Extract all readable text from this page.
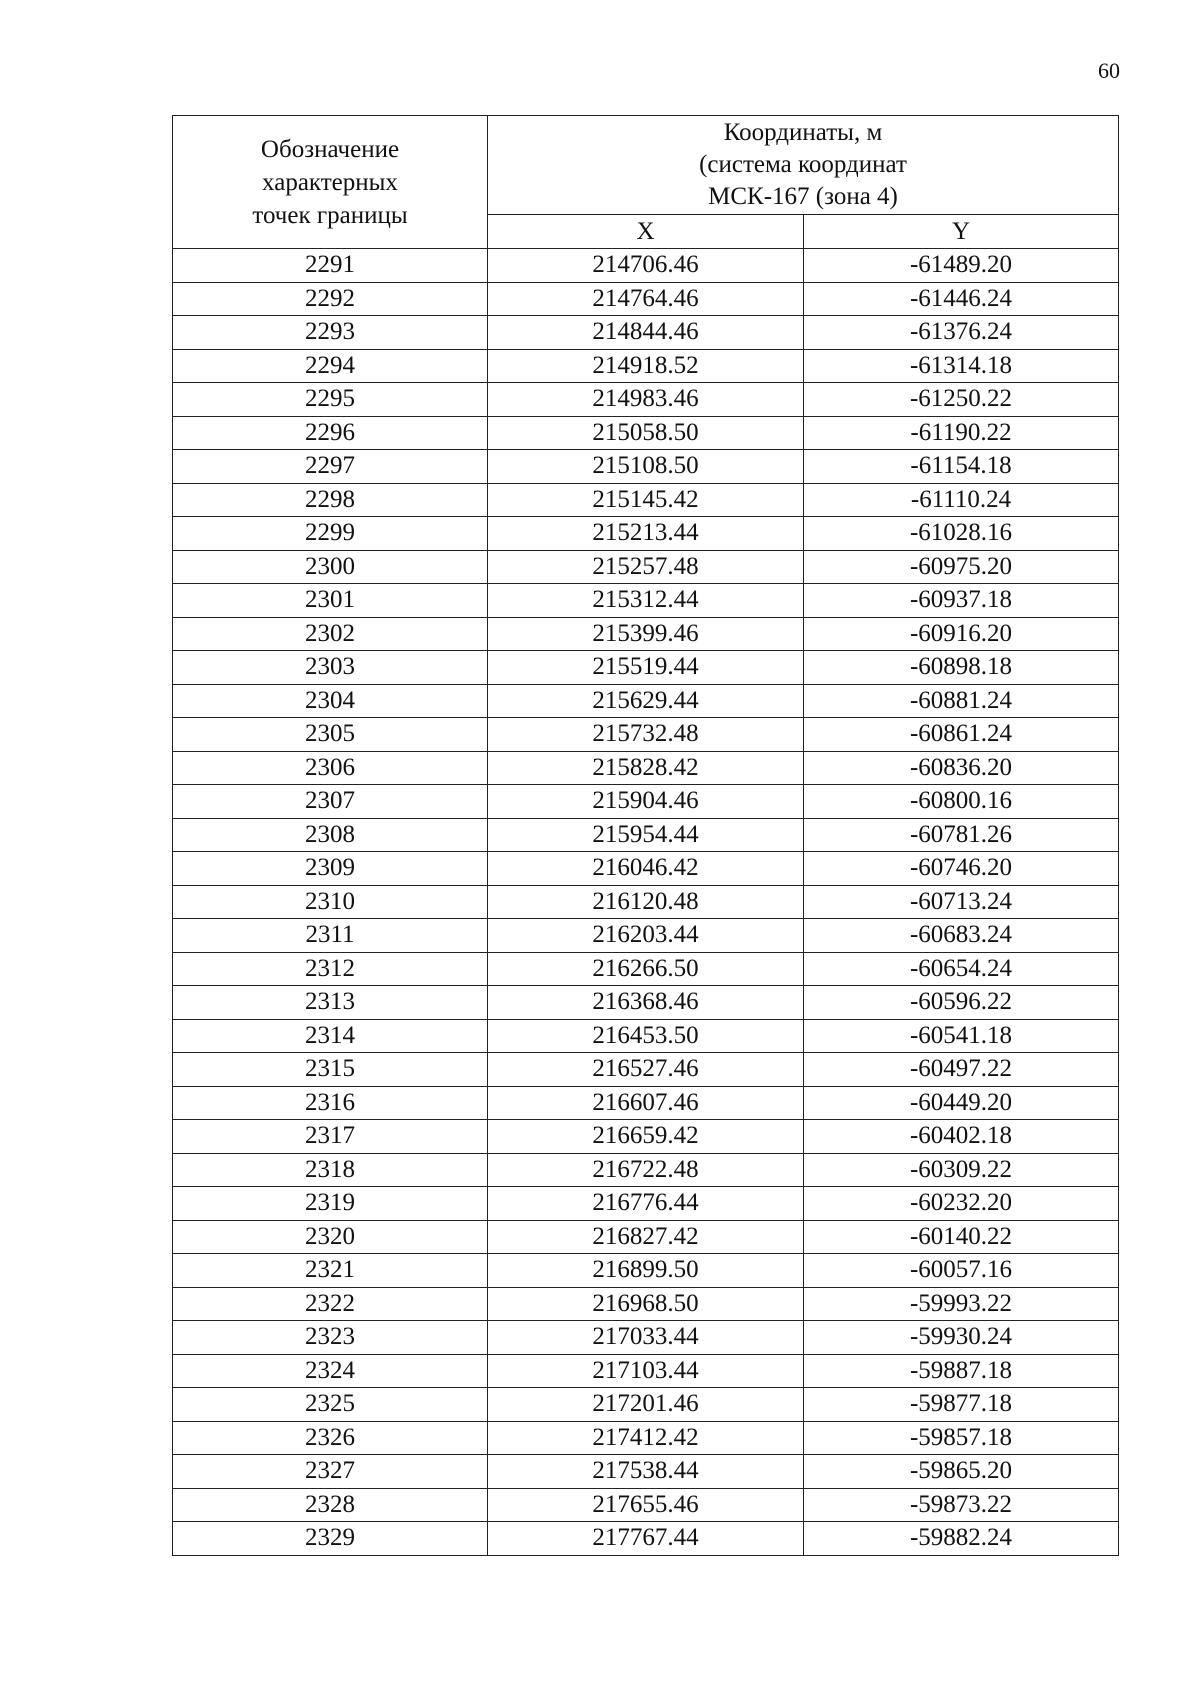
60
Обозначение
характерных
точек границы	Координаты, м
(система координат
МСК-167 (зона 4)	

	X	Y
2291	214706.46	-61489.20
2292	214764.46	-61446.24
2293	214844.46	-61376.24
2294	214918.52	-61314.18
2295	214983.46	-61250.22
2296	215058.50	-61190.22
2297	215108.50	-61154.18
2298	215145.42	-61110.24
2299	215213.44	-61028.16
2300	215257.48	-60975.20
2301	215312.44	-60937.18
2302	215399.46	-60916.20
2303	215519.44	-60898.18
2304	215629.44	-60881.24
2305	215732.48	-60861.24
2306	215828.42	-60836.20
2307	215904.46	-60800.16
2308	215954.44	-60781.26
2309	216046.42	-60746.20
2310	216120.48	-60713.24
2311	216203.44	-60683.24
2312	216266.50	-60654.24
2313	216368.46	-60596.22
2314	216453.50	-60541.18
2315	216527.46	-60497.22
2316	216607.46	-60449.20
2317	216659.42	-60402.18
2318	216722.48	-60309.22
2319	216776.44	-60232.20
2320	216827.42	-60140.22
2321	216899.50	-60057.16
2322	216968.50	-59993.22
2323	217033.44	-59930.24
2324	217103.44	-59887.18
2325	217201.46	-59877.18
2326	217412.42	-59857.18
2327	217538.44	-59865.20
2328	217655.46	-59873.22
2329	217767.44	-59882.24
